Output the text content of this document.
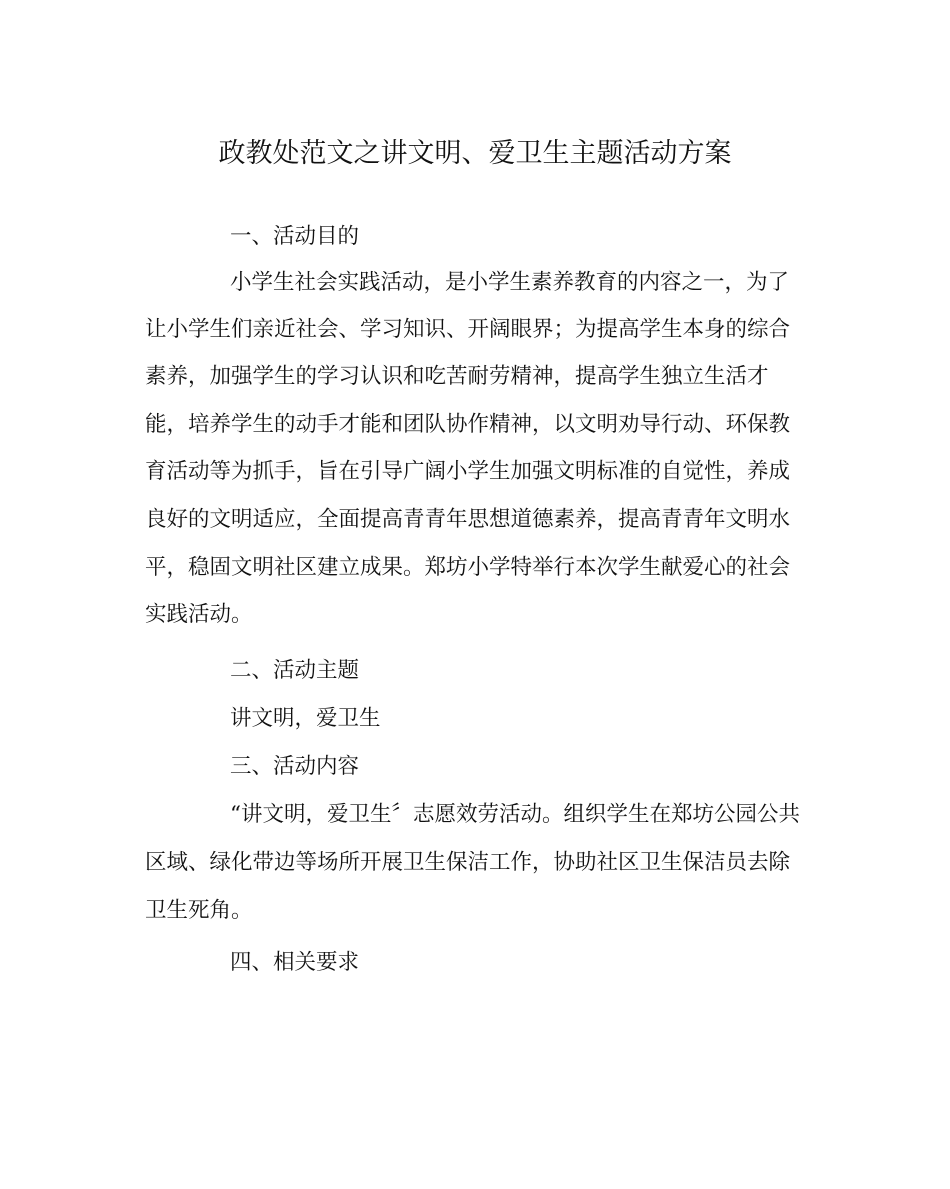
政教处范文之讲文明、爱卫生主题活动方案
一、活动目的
小学生社会实践活动，是小学生素养教育的内容之一，为了
让小学生们亲近社会、学习知识、开阔眼界；为提高学生本身的综合
素养，加强学生的学习认识和吃苦耐劳精神，提高学生独立生活才
能，培养学生的动手才能和团队协作精神，以文明劝导行动、环保教
育活动等为抓手，旨在引导广阔小学生加强文明标准的自觉性，养成
良好的文明适应，全面提高青青年思想道德素养，提高青青年文明水
平，稳固文明社区建立成果。郑坊小学特举行本次学生献爱心的社会
实践活动。
二、活动主题
讲文明，爱卫生
三、活动内容
“讲文明，爱卫生〞志愿效劳活动。组织学生在郑坊公园公共
区域、绿化带边等场所开展卫生保洁工作，协助社区卫生保洁员去除
卫生死角。
四、相关要求
